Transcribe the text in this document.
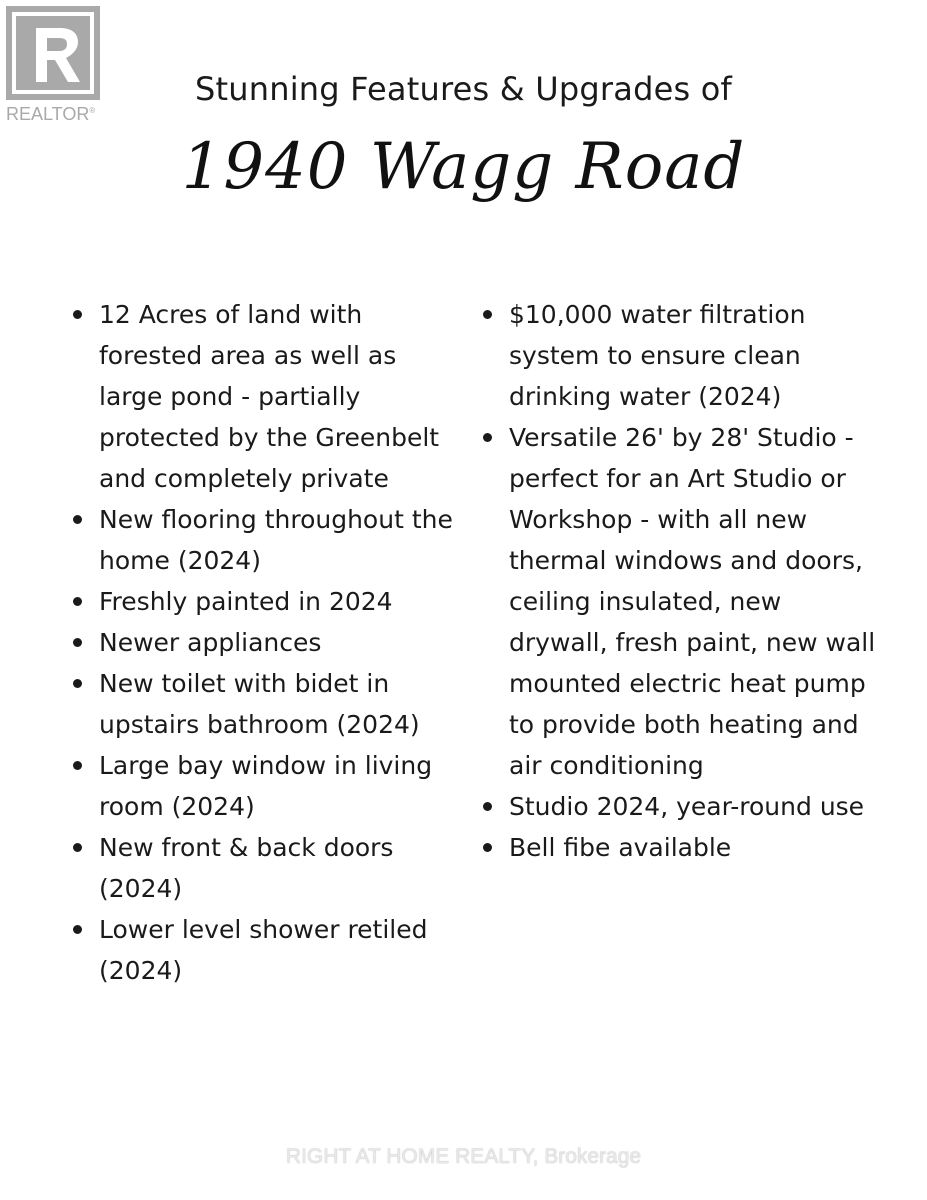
REALTOR®
Stunning Features & Upgrades of
1940 Wagg Road
12 Acres of land with forested area as well as large pond - partially protected by the Greenbelt and completely private
New flooring throughout the home (2024)
Freshly painted in 2024
Newer appliances
New toilet with bidet in upstairs bathroom (2024)
Large bay window in living room (2024)
New front & back doors (2024)
Lower level shower retiled (2024)
$10,000 water filtration system to ensure clean drinking water (2024)
Versatile 26' by 28' Studio - perfect for an Art Studio or Workshop - with all new thermal windows and doors, ceiling insulated, new drywall, fresh paint, new wall mounted electric heat pump to provide both heating and air conditioning
Studio 2024, year-round use
Bell fibe available
RIGHT AT HOME REALTY, Brokerage
